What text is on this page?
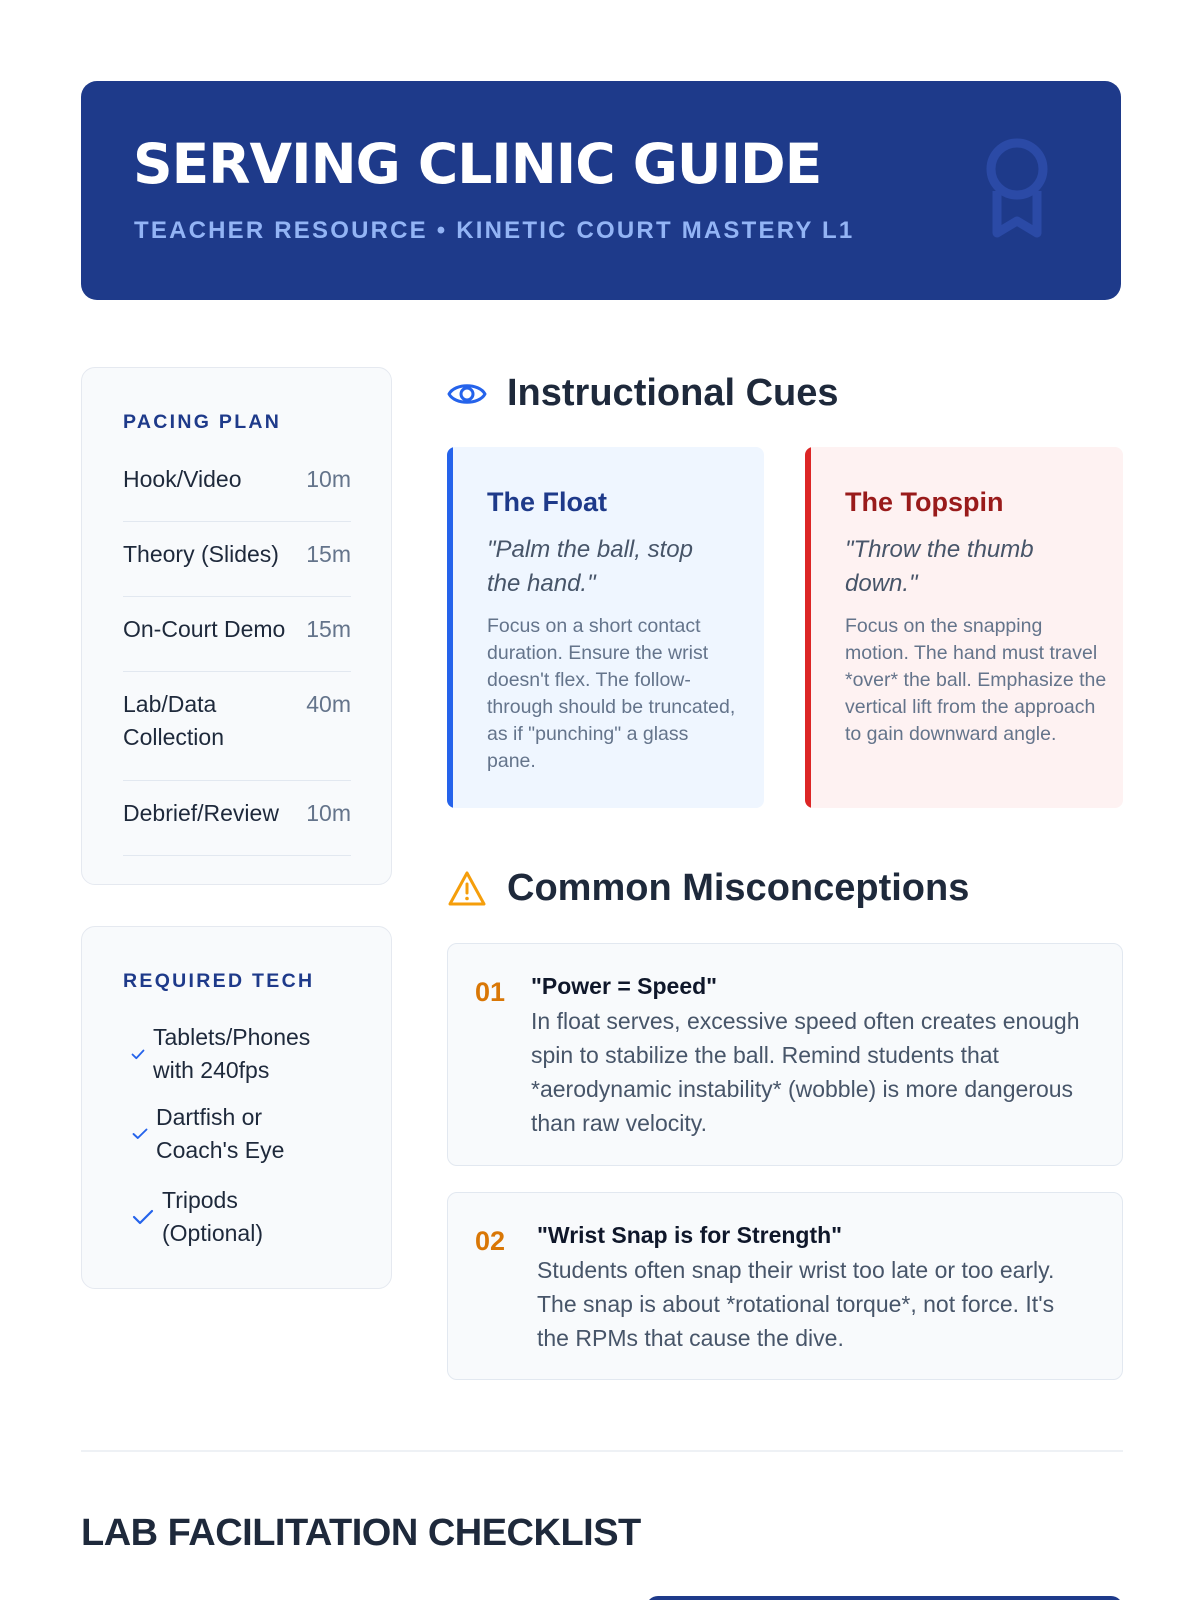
SERVING CLINIC GUIDE
TEACHER RESOURCE • KINETIC COURT MASTERY L1
PACING PLAN
Hook/Video	10m
Theory (Slides) 15m
On-Court Demo 15m
Lab/Data Collection
40m
Debrief/Review 10m
REQUIRED TECH
Tablets/Phones with 240fps
Dartfish or Coach's Eye
Tripods (Optional)
Instructional Cues
The Float
"Palm the ball, stop the hand."
Focus on a short contact duration. Ensure the wrist doesn't flex. The follow-through should be truncated, as if "punching" a glass pane.
The Topspin
"Throw the thumb down."
Focus on the snapping motion. The hand must travel *over* the ball. Emphasize the vertical lift from the approach to gain downward angle.
Common Misconceptions
01 "Power = Speed"
In float serves, excessive speed often creates enough spin to stabilize the ball. Remind students that *aerodynamic instability* (wobble) is more dangerous than raw velocity.
02 "Wrist Snap is for Strength"
Students often snap their wrist too late or too early. The snap is about *rotational torque*, not force. It's the RPMs that cause the dive.
LAB FACILITATION CHECKLIST
